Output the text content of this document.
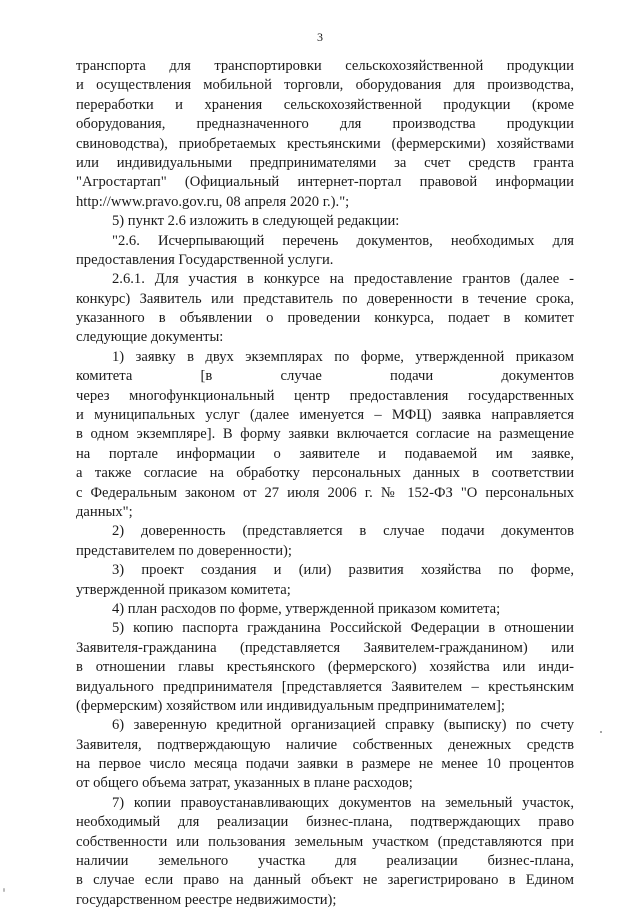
3
транспорта для транспортировки сельскохозяйственной продукции
и осуществления мобильной торговли, оборудования для производства,
переработки и хранения сельскохозяйственной продукции (кроме
оборудования, предназначенного для производства продукции
свиноводства), приобретаемых крестьянскими (фермерскими) хозяйствами
или индивидуальными предпринимателями за счет средств гранта
"Агростартап" (Официальный интернет-портал правовой информации
http://www.pravo.gov.ru, 08 апреля 2020 г.).";
5) пункт 2.6 изложить в следующей редакции:
"2.6. Исчерпывающий перечень документов, необходимых для
предоставления Государственной услуги.
2.6.1. Для участия в конкурсе на предоставление грантов (далее -
конкурс) Заявитель или представитель по доверенности в течение срока,
указанного в объявлении о проведении конкурса, подает в комитет
следующие документы:
1) заявку в двух экземплярах по форме, утвержденной приказом
комитета [в случае подачи документов
через многофункциональный центр предоставления государственных
и муниципальных услуг (далее именуется – МФЦ) заявка направляется
в одном экземпляре]. В форму заявки включается согласие на размещение
на портале информации о заявителе и подаваемой им заявке,
а также согласие на обработку персональных данных в соответствии
с Федеральным законом от 27 июля 2006 г. № 152-ФЗ "О персональных
данных";
2) доверенность (представляется в случае подачи документов
представителем по доверенности);
3) проект создания и (или) развития хозяйства по форме,
утвержденной приказом комитета;
4) план расходов по форме, утвержденной приказом комитета;
5) копию паспорта гражданина Российской Федерации в отношении
Заявителя-гражданина (представляется Заявителем-гражданином) или
в отношении главы крестьянского (фермерского) хозяйства или инди-
видуального предпринимателя [представляется Заявителем – крестьянским
(фермерским) хозяйством или индивидуальным предпринимателем];
6) заверенную кредитной организацией справку (выписку) по счету
Заявителя, подтверждающую наличие собственных денежных средств
на первое число месяца подачи заявки в размере не менее 10 процентов
от общего объема затрат, указанных в плане расходов;
7) копии правоустанавливающих документов на земельный участок,
необходимый для реализации бизнес-плана, подтверждающих право
собственности или пользования земельным участком (представляются при
наличии земельного участка для реализации бизнес-плана,
в случае если право на данный объект не зарегистрировано в Едином
государственном реестре недвижимости);
